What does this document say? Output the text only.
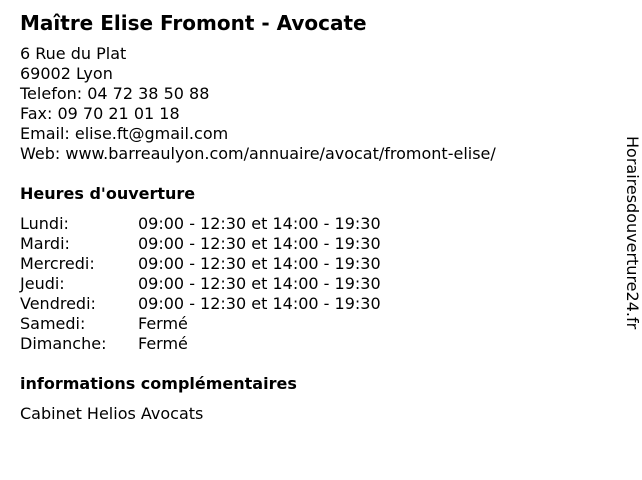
Maître Elise Fromont - Avocate
6 Rue du Plat
69002 Lyon
Telefon: 04 72 38 50 88
Fax: 09 70 21 01 18
Email: elise.ft@gmail.com
Web: www.barreaulyon.com/annuaire/avocat/fromont-elise/
Heures d'ouverture
Lundi:	09:00 - 12:30 et 14:00 - 19:30
Mardi:	09:00 - 12:30 et 14:00 - 19:30
Mercredi:	09:00 - 12:30 et 14:00 - 19:30
Jeudi:	09:00 - 12:30 et 14:00 - 19:30
Vendredi:	09:00 - 12:30 et 14:00 - 19:30
Samedi:	Fermé
Dimanche:	Fermé
informations complémentaires
Cabinet Helios Avocats
Horairesdouverture24.fr
